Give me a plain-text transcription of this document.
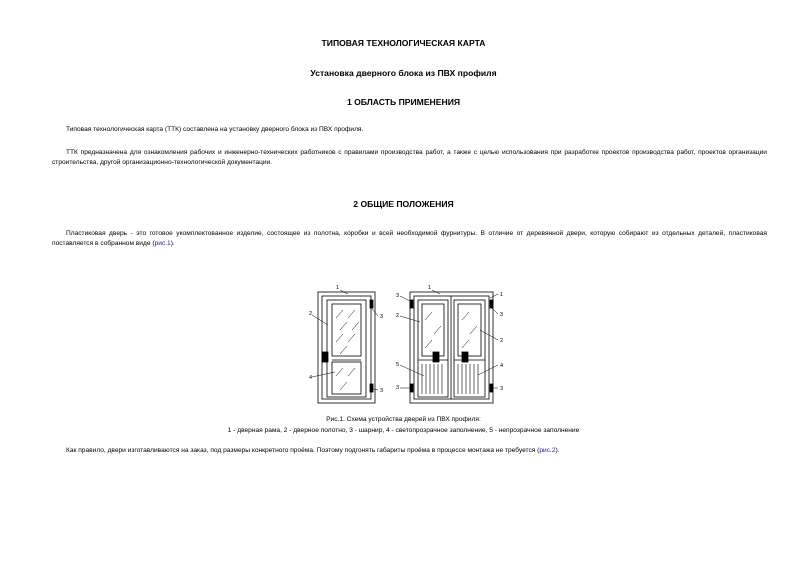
ТИПОВАЯ ТЕХНОЛОГИЧЕСКАЯ КАРТА
Установка дверного блока из ПВХ профиля
1 ОБЛАСТЬ ПРИМЕНЕНИЯ
Типовая технологическая карта (ТТК) составлена на установку дверного блока из ПВХ профиля.
ТТК предназначена для ознакомления рабочих и инженерно-технических работников с правилами производства работ, а также с целью использования при разработке проектов производства работ, проектов организации строительства, другой организационно-технологической документации.
2 ОБЩИЕ ПОЛОЖЕНИЯ
Пластиковая дверь - это готовое укомплектованное изделие, состоящее из полотна, коробки и всей необходимой фурнитуры. В отличие от деревянной двери, которую собирают из отдельных деталей, пластиковая поставляется в собранном виде (рис.1).
1
2	3
4
3
1
3
2
5
3
1
3
2
4
3
Рис.1. Схема устройства дверей из ПВХ профиля:
1 - дверная рама, 2 - дверное полотно, 3 - шарнир, 4 - светопрозрачное заполнение, 5 - непрозрачное заполнение
Как правило, двери изготавливаются на заказ, под размеры конкретного проёма. Поэтому подгонять габариты проёма в процессе монтажа не требуется (рис.2).
